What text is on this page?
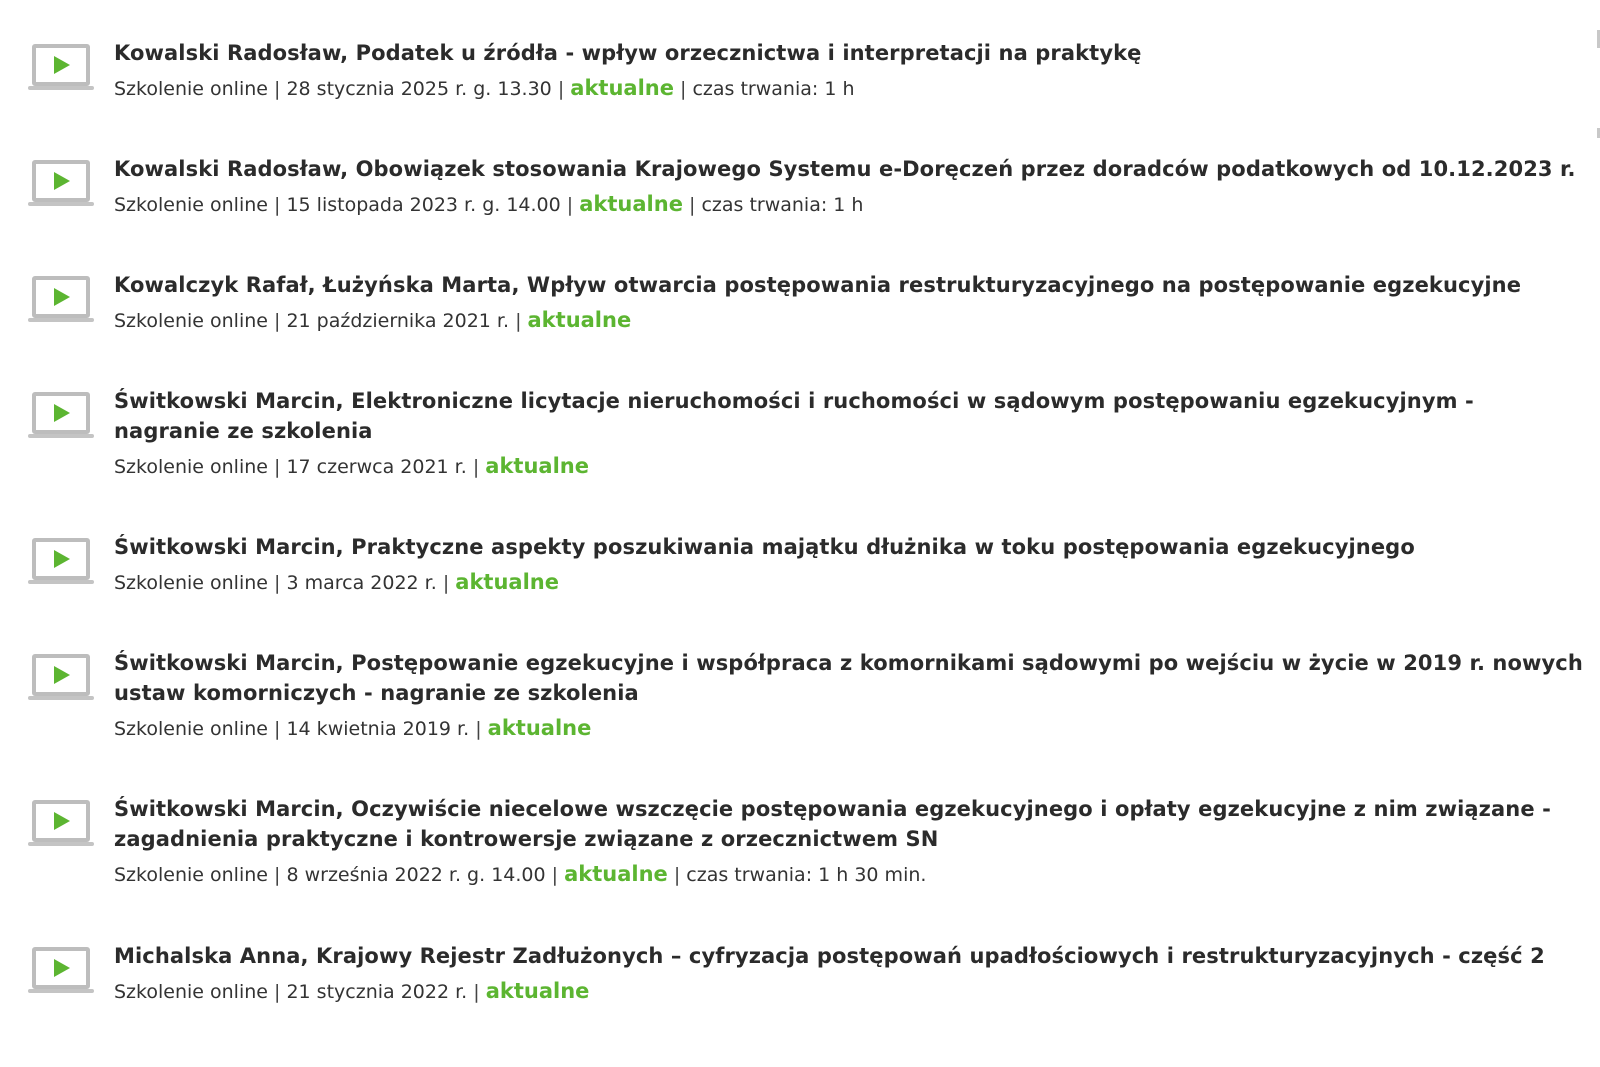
Kowalski Radosław, Podatek u źródła - wpływ orzecznictwa i interpretacji na praktykę
Szkolenie online | 28 stycznia 2025 r. g. 13.30 | aktualne | czas trwania: 1 h
Kowalski Radosław, Obowiązek stosowania Krajowego Systemu e-Doręczeń przez doradców podatkowych od 10.12.2023 r.
Szkolenie online | 15 listopada 2023 r. g. 14.00 | aktualne | czas trwania: 1 h
Kowalczyk Rafał, Łużyńska Marta, Wpływ otwarcia postępowania restrukturyzacyjnego na postępowanie egzekucyjne
Szkolenie online | 21 października 2021 r. | aktualne
Świtkowski Marcin, Elektroniczne licytacje nieruchomości i ruchomości w sądowym postępowaniu egzekucyjnym - nagranie ze szkolenia
Szkolenie online | 17 czerwca 2021 r. | aktualne
Świtkowski Marcin, Praktyczne aspekty poszukiwania majątku dłużnika w toku postępowania egzekucyjnego
Szkolenie online | 3 marca 2022 r. | aktualne
Świtkowski Marcin, Postępowanie egzekucyjne i współpraca z komornikami sądowymi po wejściu w życie w 2019 r. nowych ustaw komorniczych - nagranie ze szkolenia
Szkolenie online | 14 kwietnia 2019 r. | aktualne
Świtkowski Marcin, Oczywiście niecelowe wszczęcie postępowania egzekucyjnego i opłaty egzekucyjne z nim związane - zagadnienia praktyczne i kontrowersje związane z orzecznictwem SN
Szkolenie online | 8 września 2022 r. g. 14.00 | aktualne | czas trwania: 1 h 30 min.
Michalska Anna, Krajowy Rejestr Zadłużonych – cyfryzacja postępowań upadłościowych i restrukturyzacyjnych - część 2
Szkolenie online | 21 stycznia 2022 r. | aktualne
